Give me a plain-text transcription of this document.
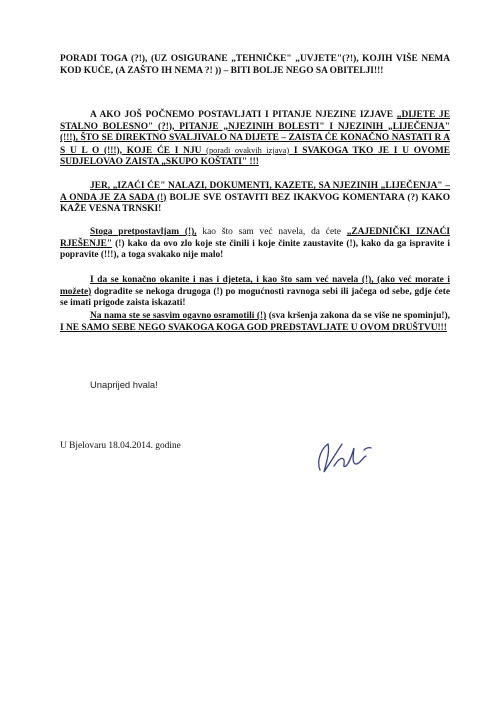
PORADI TOGA (?!), (UZ OSIGURANE „TEHNIČKE" „UVJETE"(?!), KOJIH VIŠE NEMA KOD KUĆE, (A ZAŠTO IH NEMA ?! )) – BITI BOLJE NEGO SA OBITELJI!!!
A AKO JOŠ POČNEMO POSTAVLJATI I PITANJE NJEZINE IZJAVE „DIJETE JE STALNO BOLESNO" (?!), PITANJE „NJEZINIH BOLESTI" I NJEZINIH „LIJEČENJA" (!!!), ŠTO SE DIREKTNO SVALJIVALO NA DIJETE – ZAISTA ĆE KONAČNO NASTATI R A S U L O (!!!), KOJE ĆE I NJU (poradi ovakvih izjava) I SVAKOGA TKO JE I U OVOME SUDJELOVAO ZAISTA „SKUPO KOŠTATI" !!!
JER, „IZAĆI ĆE" NALAZI, DOKUMENTI, KAZETE, SA NJEZINIH „LIJEČENJA" – A ONDA JE ZA SADA (!) BOLJE SVE OSTAVITI BEZ IKAKVOG KOMENTARA (?) KAKO KAŽE VESNA TRNSKI!
Stoga pretpostavljam (!), kao što sam već navela, da ćete „ZAJEDNIČKI IZNAĆI RJEŠENJE" (!) kako da ovo zlo koje ste činili i koje činite zaustavite (!), kako da ga ispravite i popravite (!!!), a toga svakako nije malo!
I da se konačno okanite i nas i djeteta, i kao što sam već navela (!), (ako već morate i možete) dogradite se nekoga drugoga (!) po mogućnosti ravnoga sebi ili jačega od sebe, gdje ćete se imati prigode zaista iskazati!
Na nama ste se sasvim ogavno osramotili (!) (sva kršenja zakona da se više ne spominju!), I NE SAMO SEBE NEGO SVAKOGA KOGA GOD PREDSTAVLJATE U OVOM DRUŠTVU!!!
Unaprijed hvala!
U Bjelovaru 18.04.2014. godine
